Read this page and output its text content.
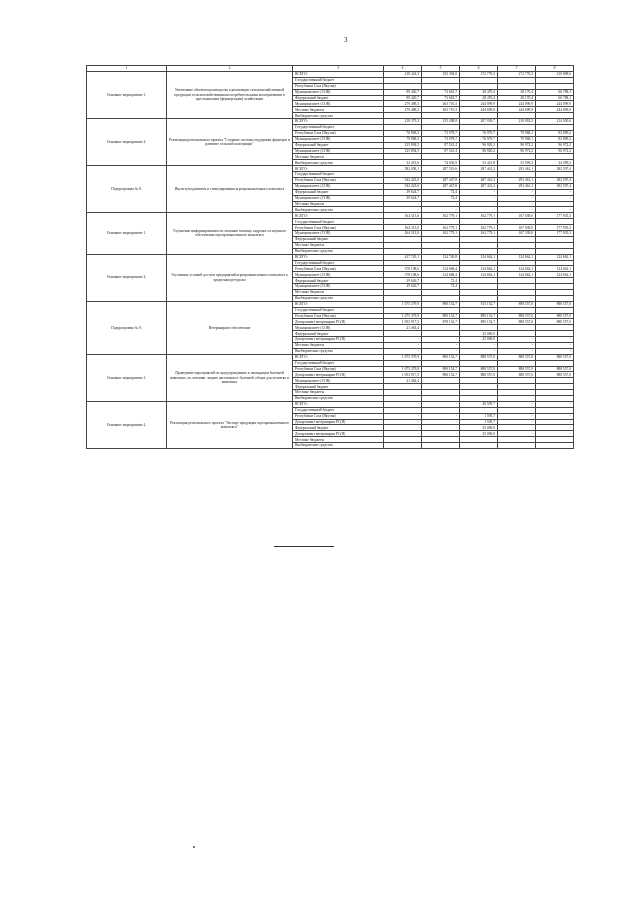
3
1	2	3	4	5	6	7	8
Основное мероприятие 1.	Увеличение объемов производства и реализации сельскохозяйственной продукции сельскохозяйственными потребительскими кооперативами и крестьянскими (фермерскими) хозяйствами	ВСЕГО:	218 424,5	335 394,0	272 770,3	272 770,3	310 808,6
		Государственный бюджет					
		Республики Саха (Якутия)					
		Муниципалитет (СОВ)	99 420,7	73 681,7	28 470,4	28 170,4	66 788,1
		Федеральный бюджет	99 420,7	73 681,7	28 470,4	28 170,4	66 788,1
		Муниципалитет (СОВ)	279 488,5	263 710,3	244 099,9	244 099,9	244 099,9
		Местные бюджеты	279 488,5	263 710,3	244 699,9	244 699,9	244 699,9
		Внебюджетные средства					
Основное мероприятие 2.	Реализация регионального проекта "Создание системы поддержки фермеров и развитие сельской кооперации"	ВСЕГО:	218 379,2	155 288,8	207 939,7	210 918,2	214 050,6
		Государственный бюджет					
		Республики Саха (Якутия)	78 968,5	73 978,7	76 970,7	79 968,1	82 809,2
		Муниципалитет (СОВ)	79 968,5	73 978,7	76 970,7	79 968,1	82 809,2
		Федеральный бюджет	125 894,5	87 541,4	96 920,2	96 972,2	96 972,2
		Муниципалитет (СОВ)	125 894,5	87 541,4	96 920,2	96 972,2	96 972,2
		Местные бюджеты					
		Внебюджетные средства	32 451,6	74 636,9	33 421,8	33 593,3	34 289,2
Подпрограмма № 8.	Институты развития и стимулирования агропромышленного комплекса	ВСЕГО:	582 058,1	287 519,6	287 441,2	293 461,1	382 597,4
		Государственный бюджет					
		Республики Саха (Якутия)	542 423,0	287 447,8	287 441,2	293 461,1	382 597,4
		Муниципалитет (СОВ)	542 423,0	287 447,8	287 441,2	293 461,1	382 597,4
		Федеральный бюджет	39 624,7	72,4	-	-	-
		Муниципалитет (СОВ)	39 624,7	72,4	-	-	-
		Местные бюджеты	-	-	-	-	-
		Внебюджетные средства	-	-	-	-	-
Основное мероприятие 1.	Улучшение информированности, оказание помощи, кадрового и научного обеспечения агропромышленного комплекса	ВСЕГО:	164 313,0	162 779,1	162 779,1	167 039,0	177 935,3
		Государственный бюджет					
		Республики Саха (Якутия)	164 313,0	162 779,1	162 779,1	167 039,0	177 935,3
		Муниципалитет (СОВ)	164 313,0	162 779,1	162 779,1	167 339,0	177 935,3
		Федеральный бюджет					
		Местные бюджеты					
		Внебюджетные средства					
Основное мероприятие 2.	Улучшение условий доступа предприятий агропромышленного комплекса к кредитным ресурсам	ВСЕГО:	417 745,1	124 740,8	124 662,1	124 662,1	124 662,1
		Государственный бюджет					
		Республики Саха (Якутия)	378 108,6	124 668,4	124 662,1	124 662,1	124 662,1
		Муниципалитет (СОВ)	378 108,6	124 668,4	124 662,1	124 662,1	124 662,1
		Федеральный бюджет	39 626,7	72,4			
		Муниципалитет (СОВ)	39 626,7	72,4			
		Местные бюджеты					
		Внебюджетные средства					
Подпрограмма № 9.	Ветеринарное обеспечение	ВСЕГО:	1 075 379,9	890 152,7	915 152,7	898 557,0	888 557,0
		Государственный бюджет					
		Республики Саха (Якутия)	1 075 379,9	890 152,7	890 152,7	898 557,0	888 557,0
		Департамент ветеринарии РС(Я)	1 053 917,5	878 152,7	890 152,7	888 557,0	888 557,0
		Муниципалитет (СОВ)	21 463,4				
		Федеральный бюджет			25 000,0		
		Департамент ветеринарии РС(Я)	-	-	25 000,0	-	-
		Местные бюджеты	-	-	-	-	-
		Внебюджетные средства	-	-	-	-	-
Основное мероприятие 1.	Проведение мероприятий по предупреждению и ликвидации болезней животных, их лечению, защите населения от болезней, общих для человека и животных	ВСЕГО:	1 075 379,9	890 152,7	888 557,0	888 557,0	888 557,0
		Государственный бюджет					
		Республики Саха (Якутия)	1 075 379,9	890 152,7	888 557,0	888 557,0	888 557,0
		Департамент ветеринарии РС(Я)	1 053 917,5	890 152,7	888 557,0	888 557,0	888 557,0
		Муниципалитет (СОВ)	21 462,4				
		Федеральный бюджет					
		Местные бюджеты					
		Внебюджетные средства					
Основное мероприятие 2.	Реализация регионального проекта "Экспорт продукции агропромышленного комплекса"	ВСЕГО:	-	-	26 595,7	-	-
		Государственный бюджет					
		Республики Саха (Якутия)	-	-	1 595,7	-	-
		Департамент ветеринарии РС(Я)	-	-	1 595,7	-	-
		Федеральный бюджет	-	-	25 000,0	-	-
		Департамент ветеринарии РС(Я)	-	-	25 000,0	-	-
		Местные бюджеты					
		Внебюджетные средства					
